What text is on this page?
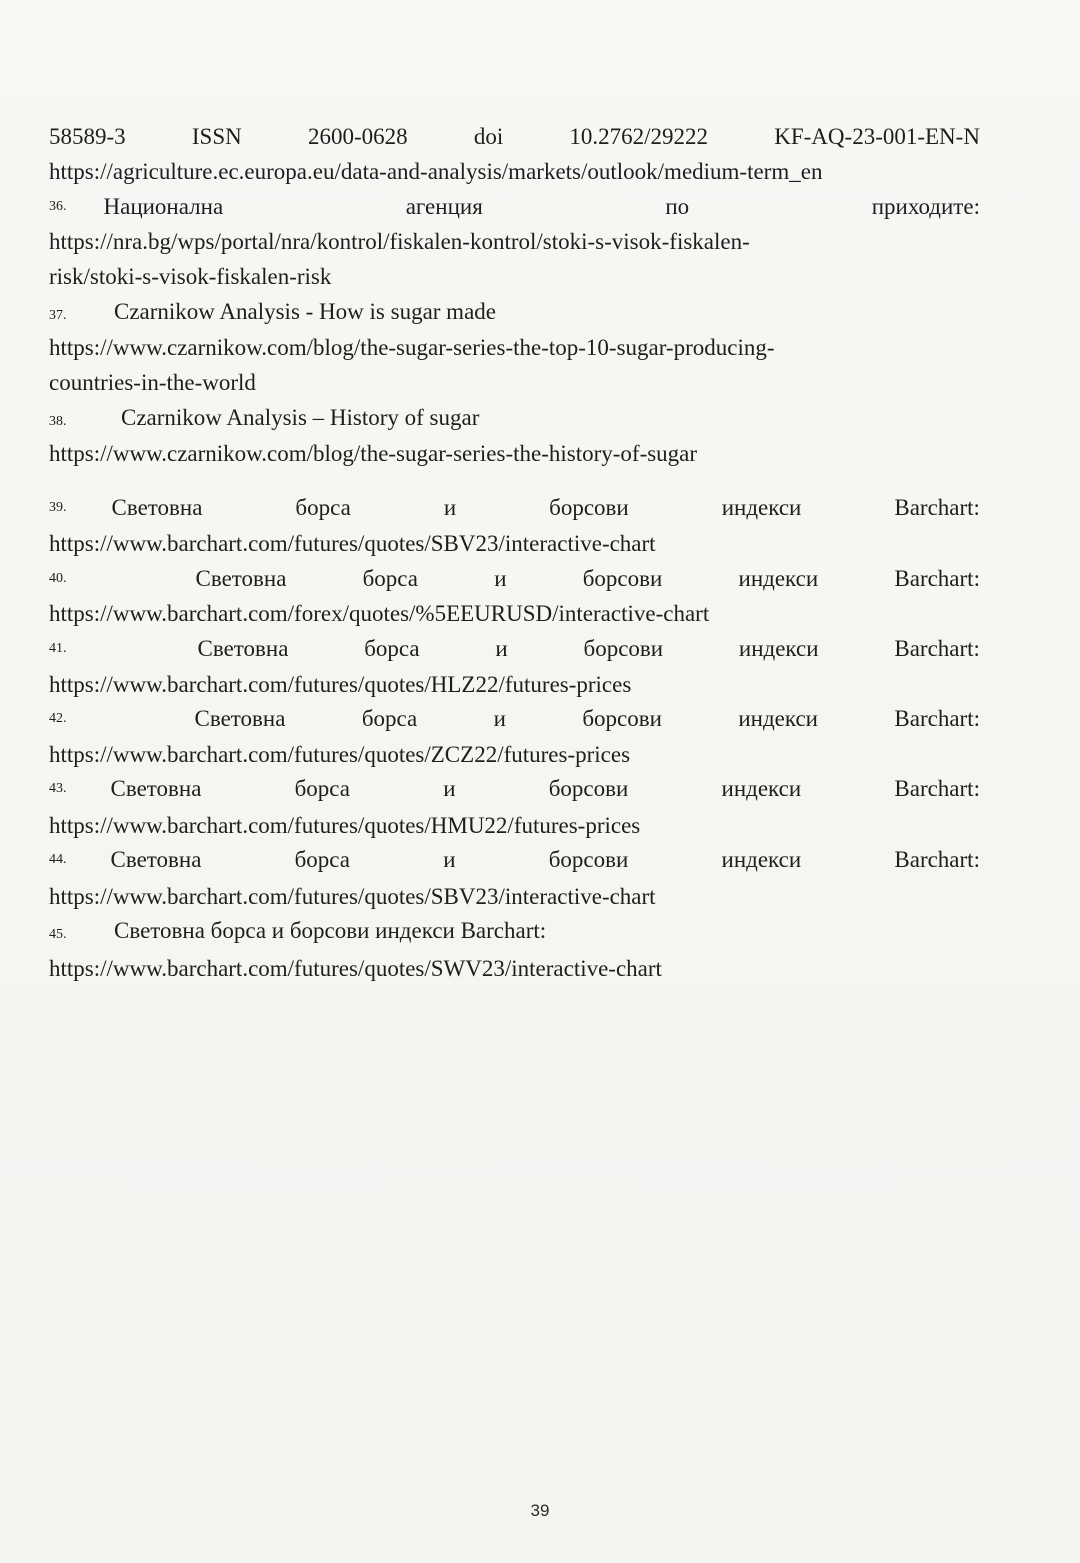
58589-3	ISSN	2600-0628	doi	10.2762/29222	KF-AQ-23-001-EN-N
https://agriculture.ec.europa.eu/data-and-analysis/markets/outlook/medium-term_en
36. Национална	агенция	по	приходите:
https://nra.bg/wps/portal/nra/kontrol/fiskalen-kontrol/stoki-s-visok-fiskalen-
risk/stoki-s-visok-fiskalen-risk
37. Czarnikow Analysis - How is sugar made
https://www.czarnikow.com/blog/the-sugar-series-the-top-10-sugar-producing-
countries-in-the-world
38. Czarnikow Analysis – History of sugar
https://www.czarnikow.com/blog/the-sugar-series-the-history-of-sugar
39. Световна	борса	и	борсови	индекси	Barchart:
https://www.barchart.com/futures/quotes/SBV23/interactive-chart
40.	Световна	борса	и	борсови	индекси	Barchart:
https://www.barchart.com/forex/quotes/%5EEURUSD/interactive-chart
41.	Световна	борса	и	борсови	индекси	Barchart:
https://www.barchart.com/futures/quotes/HLZ22/futures-prices
42.	Световна	борса	и	борсови	индекси	Barchart:
https://www.barchart.com/futures/quotes/ZCZ22/futures-prices
43. Световна	борса	и	борсови	индекси	Barchart:
https://www.barchart.com/futures/quotes/HMU22/futures-prices
44. Световна	борса	и	борсови	индекси	Barchart:
https://www.barchart.com/futures/quotes/SBV23/interactive-chart
45. Световна борса и борсови индекси Barchart:
https://www.barchart.com/futures/quotes/SWV23/interactive-chart
39
